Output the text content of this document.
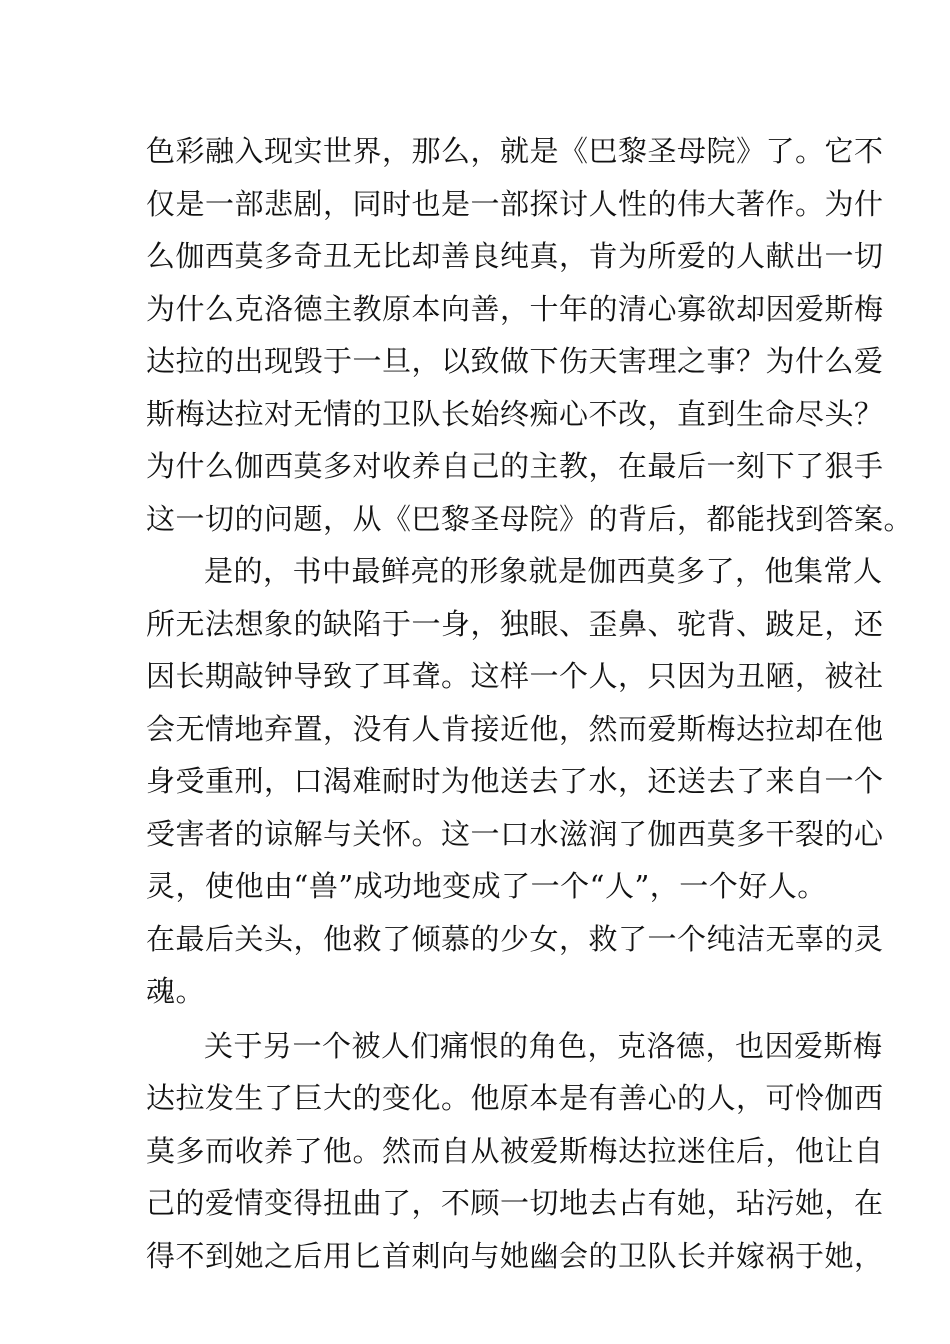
色彩融入现实世界，那么，就是《巴黎圣母院》了。它不
仅是一部悲剧，同时也是一部探讨人性的伟大著作。为什
么伽西莫多奇丑无比却善良纯真，肯为所爱的人献出一切
为什么克洛德主教原本向善，十年的清心寡欲却因爱斯梅
达拉的出现毁于一旦，以致做下伤天害理之事？为什么爱
斯梅达拉对无情的卫队长始终痴心不改，直到生命尽头？
为什么伽西莫多对收养自己的主教，在最后一刻下了狠手
这一切的问题，从《巴黎圣母院》的背后，都能找到答案。
是的，书中最鲜亮的形象就是伽西莫多了，他集常人
所无法想象的缺陷于一身，独眼、歪鼻、驼背、跛足，还
因长期敲钟导致了耳聋。这样一个人，只因为丑陋，被社
会无情地弃置，没有人肯接近他，然而爱斯梅达拉却在他
身受重刑，口渴难耐时为他送去了水，还送去了来自一个
受害者的谅解与关怀。这一口水滋润了伽西莫多干裂的心
灵，使他由“兽”成功地变成了一个“人”，一个好人。
在最后关头，他救了倾慕的少女，救了一个纯洁无辜的灵
魂。
关于另一个被人们痛恨的角色，克洛德，也因爱斯梅
达拉发生了巨大的变化。他原本是有善心的人，可怜伽西
莫多而收养了他。然而自从被爱斯梅达拉迷住后，他让自
己的爱情变得扭曲了，不顾一切地去占有她，玷污她，在
得不到她之后用匕首刺向与她幽会的卫队长并嫁祸于她，
